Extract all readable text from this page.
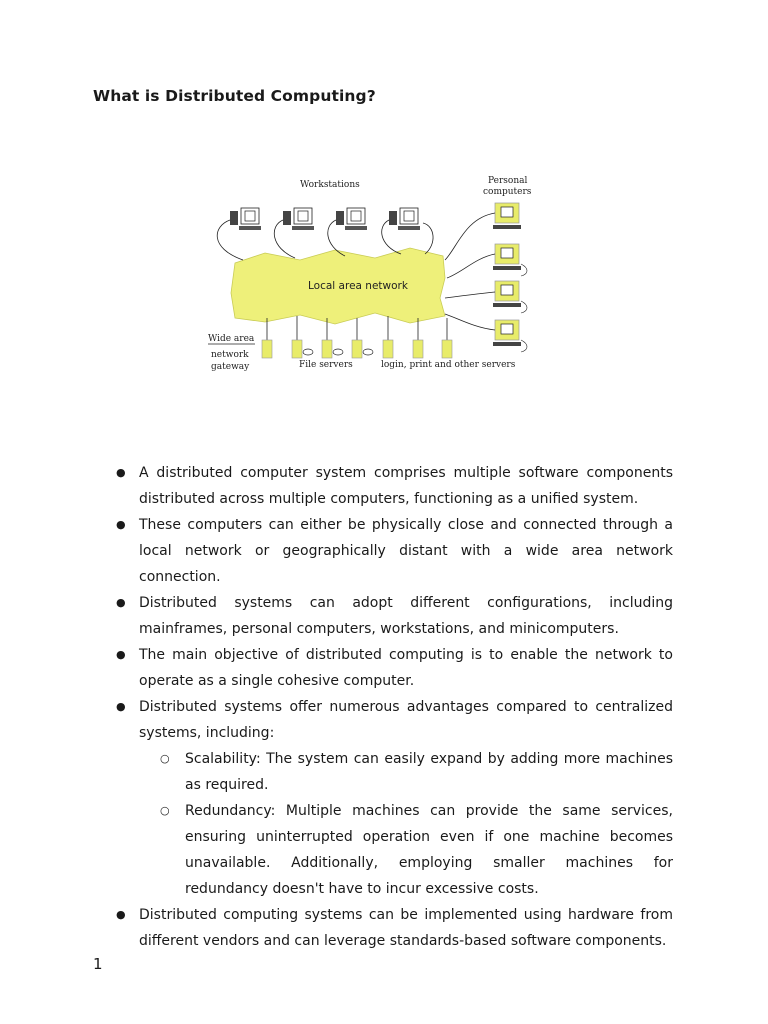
What is Distributed Computing?
Local area network
Workstations	Personal
computers
Wide area
network
gateway	File servers	login, print and other servers
● A distributed computer system comprises multiple software components distributed across multiple computers, functioning as a unified system.
● These computers can either be physically close and connected through a local network or geographically distant with a wide area network connection.
● Distributed systems can adopt different configurations, including mainframes, personal computers, workstations, and minicomputers.
● The main objective of distributed computing is to enable the network to operate as a single cohesive computer.
● Distributed systems offer numerous advantages compared to centralized systems, including:
○ Scalability: The system can easily expand by adding more machines as required.
○ Redundancy: Multiple machines can provide the same services, ensuring uninterrupted operation even if one machine becomes unavailable. Additionally, employing smaller machines for redundancy doesn't have to incur excessive costs.
● Distributed computing systems can be implemented using hardware from different vendors and can leverage standards-based software components.
1
